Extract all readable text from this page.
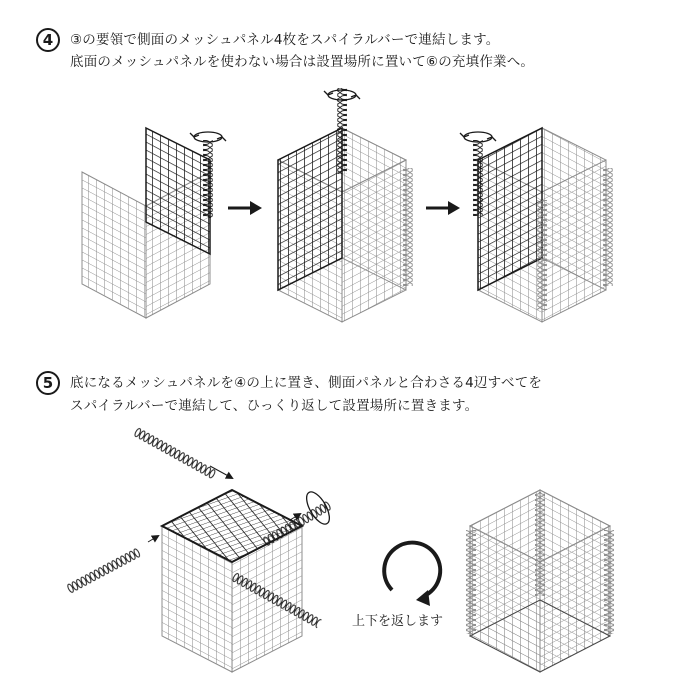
4	③の要領で側面のメッシュパネル4枚をスパイラルバーで連結します。
底面のメッシュパネルを使わない場合は設置場所に置いて⑥の充填作業へ。
5	底になるメッシュパネルを④の上に置き、側面パネルと合わさる4辺すべてを
スパイラルバーで連結して、ひっくり返して設置場所に置きます。
上下を返します
